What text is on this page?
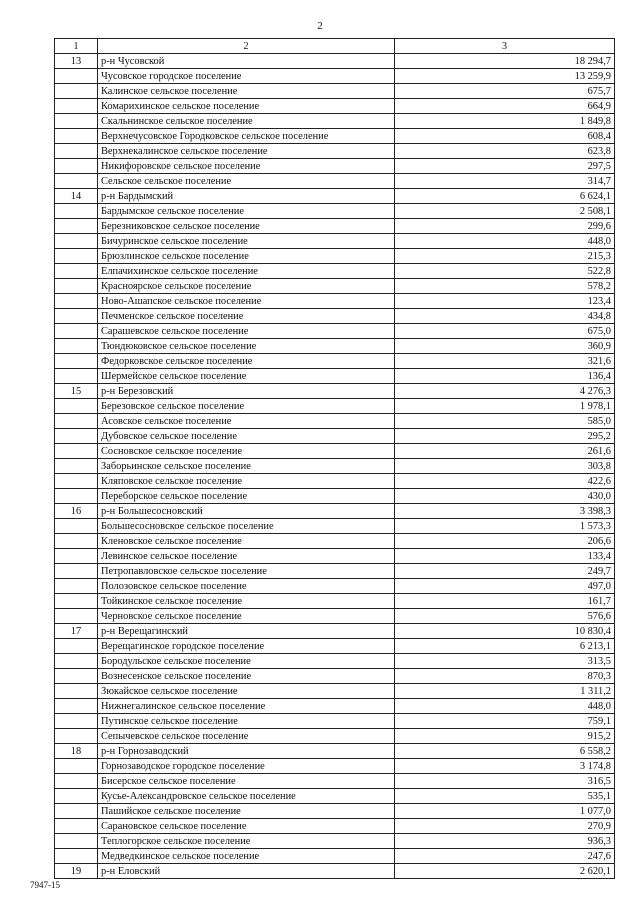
2
1	2	3
13	р-н Чусовской	18 294,7
	Чусовское городское поселение	13 259,9
	Калинское сельское поселение	675,7
	Комарихинское сельское поселение	664,9
	Скальнинское сельское поселение	1 849,8
	Верхнечусовское Городковское сельское поселение	608,4
	Верхнекалинское сельское поселение	623,8
	Никифоровское сельское поселение	297,5
	Сельское сельское поселение	314,7
14	р-н Бардымский	6 624,1
	Бардымское сельское поселение	2 508,1
	Березниковское сельское поселение	299,6
	Бичуринское сельское поселение	448,0
	Брюзлинское сельское поселение	215,3
	Елпачихинское сельское поселение	522,8
	Красноярское сельское поселение	578,2
	Ново-Ашапское сельское поселение	123,4
	Печменское сельское поселение	434,8
	Сарашевское сельское поселение	675,0
	Тюндюковское сельское поселение	360,9
	Федорковское сельское поселение	321,6
	Шермейское сельское поселение	136,4
15	р-н Березовский	4 276,3
	Березовское сельское поселение	1 978,1
	Асовское сельское поселение	585,0
	Дубовское сельское поселение	295,2
	Сосновское сельское поселение	261,6
	Заборьинское сельское поселение	303,8
	Кляповское сельское поселение	422,6
	Переборское сельское поселение	430,0
16	р-н Большесосновский	3 398,3
	Большесосновское сельское поселение	1 573,3
	Кленовское сельское поселение	206,6
	Левинское сельское поселение	133,4
	Петропавловское сельское поселение	249,7
	Полозовское сельское поселение	497,0
	Тойкинское сельское поселение	161,7
	Черновское сельское поселение	576,6
17	р-н Верещагинский	10 830,4
	Верещагинское городское поселение	6 213,1
	Бородульское сельское поселение	313,5
	Вознесенское сельское поселение	870,3
	Зюкайское сельское поселение	1 311,2
	Нижнегалинское сельское поселение	448,0
	Путинское сельское поселение	759,1
	Сепычевское сельское поселение	915,2
18	р-н Горнозаводский	6 558,2
	Горнозаводское городское поселение	3 174,8
	Бисерское сельское поселение	316,5
	Кусье-Александровское сельское поселение	535,1
	Пашийское сельское поселение	1 077,0
	Сарановское сельское поселение	270,9
	Теплогорское сельское поселение	936,3
	Медведкинское сельское поселение	247,6
19	р-н Еловский	2 620,1
7947-15
